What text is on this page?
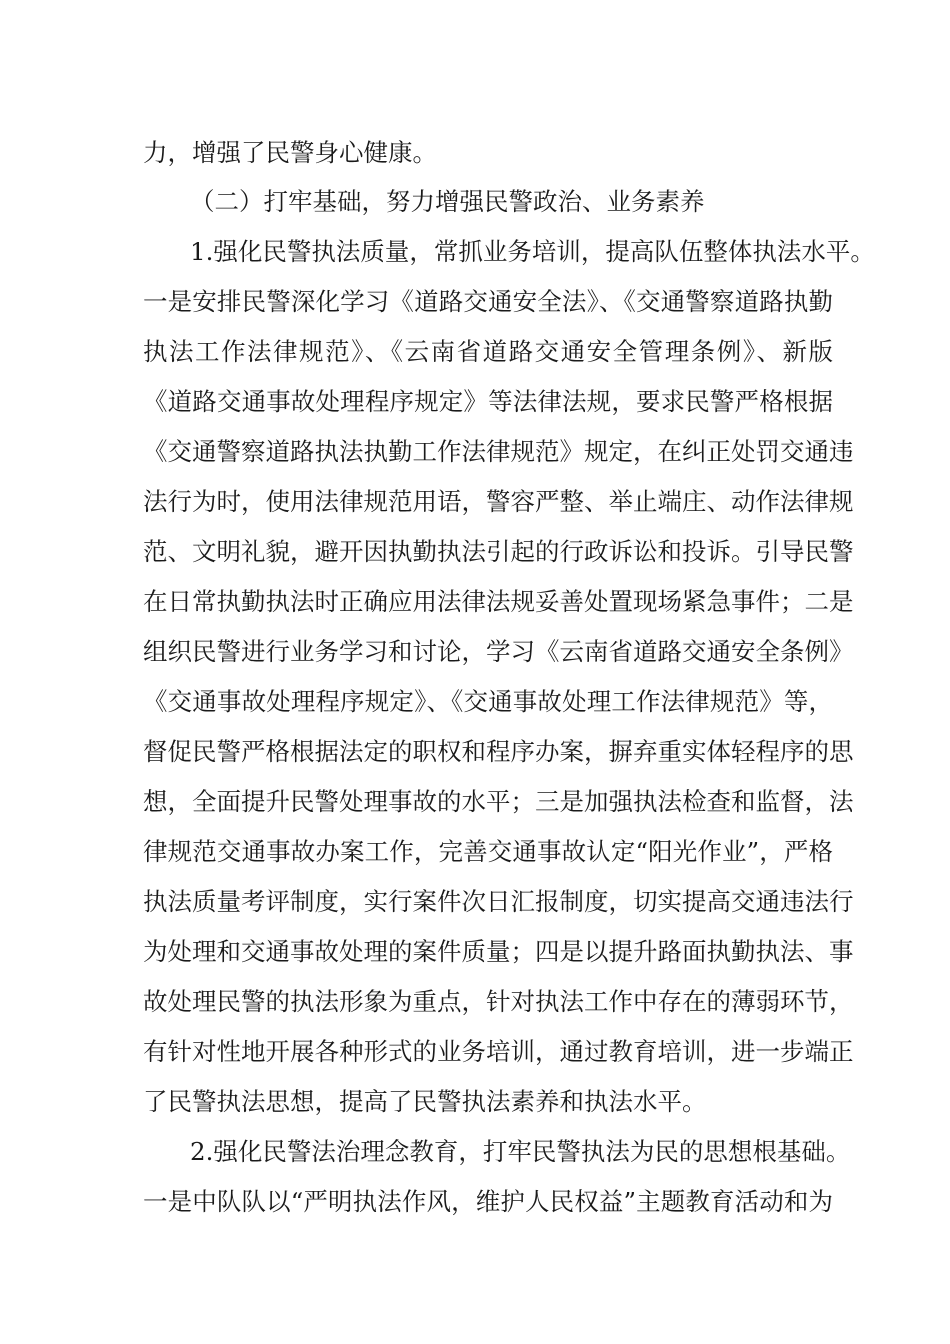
力，增强了民警身心健康。
（二）打牢基础，努力增强民警政治、业务素养
1.强化民警执法质量，常抓业务培训，提高队伍整体执法水平。
一是安排民警深化学习《道路交通安全法》、《交通警察道路执勤
执法工作法律规范》、《云南省道路交通安全管理条例》、新版
《道路交通事故处理程序规定》等法律法规，要求民警严格根据
《交通警察道路执法执勤工作法律规范》规定，在纠正处罚交通违
法行为时，使用法律规范用语，警容严整、举止端庄、动作法律规
范、文明礼貌，避开因执勤执法引起的行政诉讼和投诉。引导民警
在日常执勤执法时正确应用法律法规妥善处置现场紧急事件；二是
组织民警进行业务学习和讨论，学习《云南省道路交通安全条例》
《交通事故处理程序规定》、《交通事故处理工作法律规范》等，
督促民警严格根据法定的职权和程序办案，摒弃重实体轻程序的思
想，全面提升民警处理事故的水平；三是加强执法检查和监督，法
律规范交通事故办案工作，完善交通事故认定“阳光作业”，严格
执法质量考评制度，实行案件次日汇报制度，切实提高交通违法行
为处理和交通事故处理的案件质量；四是以提升路面执勤执法、事
故处理民警的执法形象为重点，针对执法工作中存在的薄弱环节，
有针对性地开展各种形式的业务培训，通过教育培训，进一步端正
了民警执法思想，提高了民警执法素养和执法水平。
2.强化民警法治理念教育，打牢民警执法为民的思想根基础。
一是中队队以“严明执法作风，维护人民权益”主题教育活动和为
